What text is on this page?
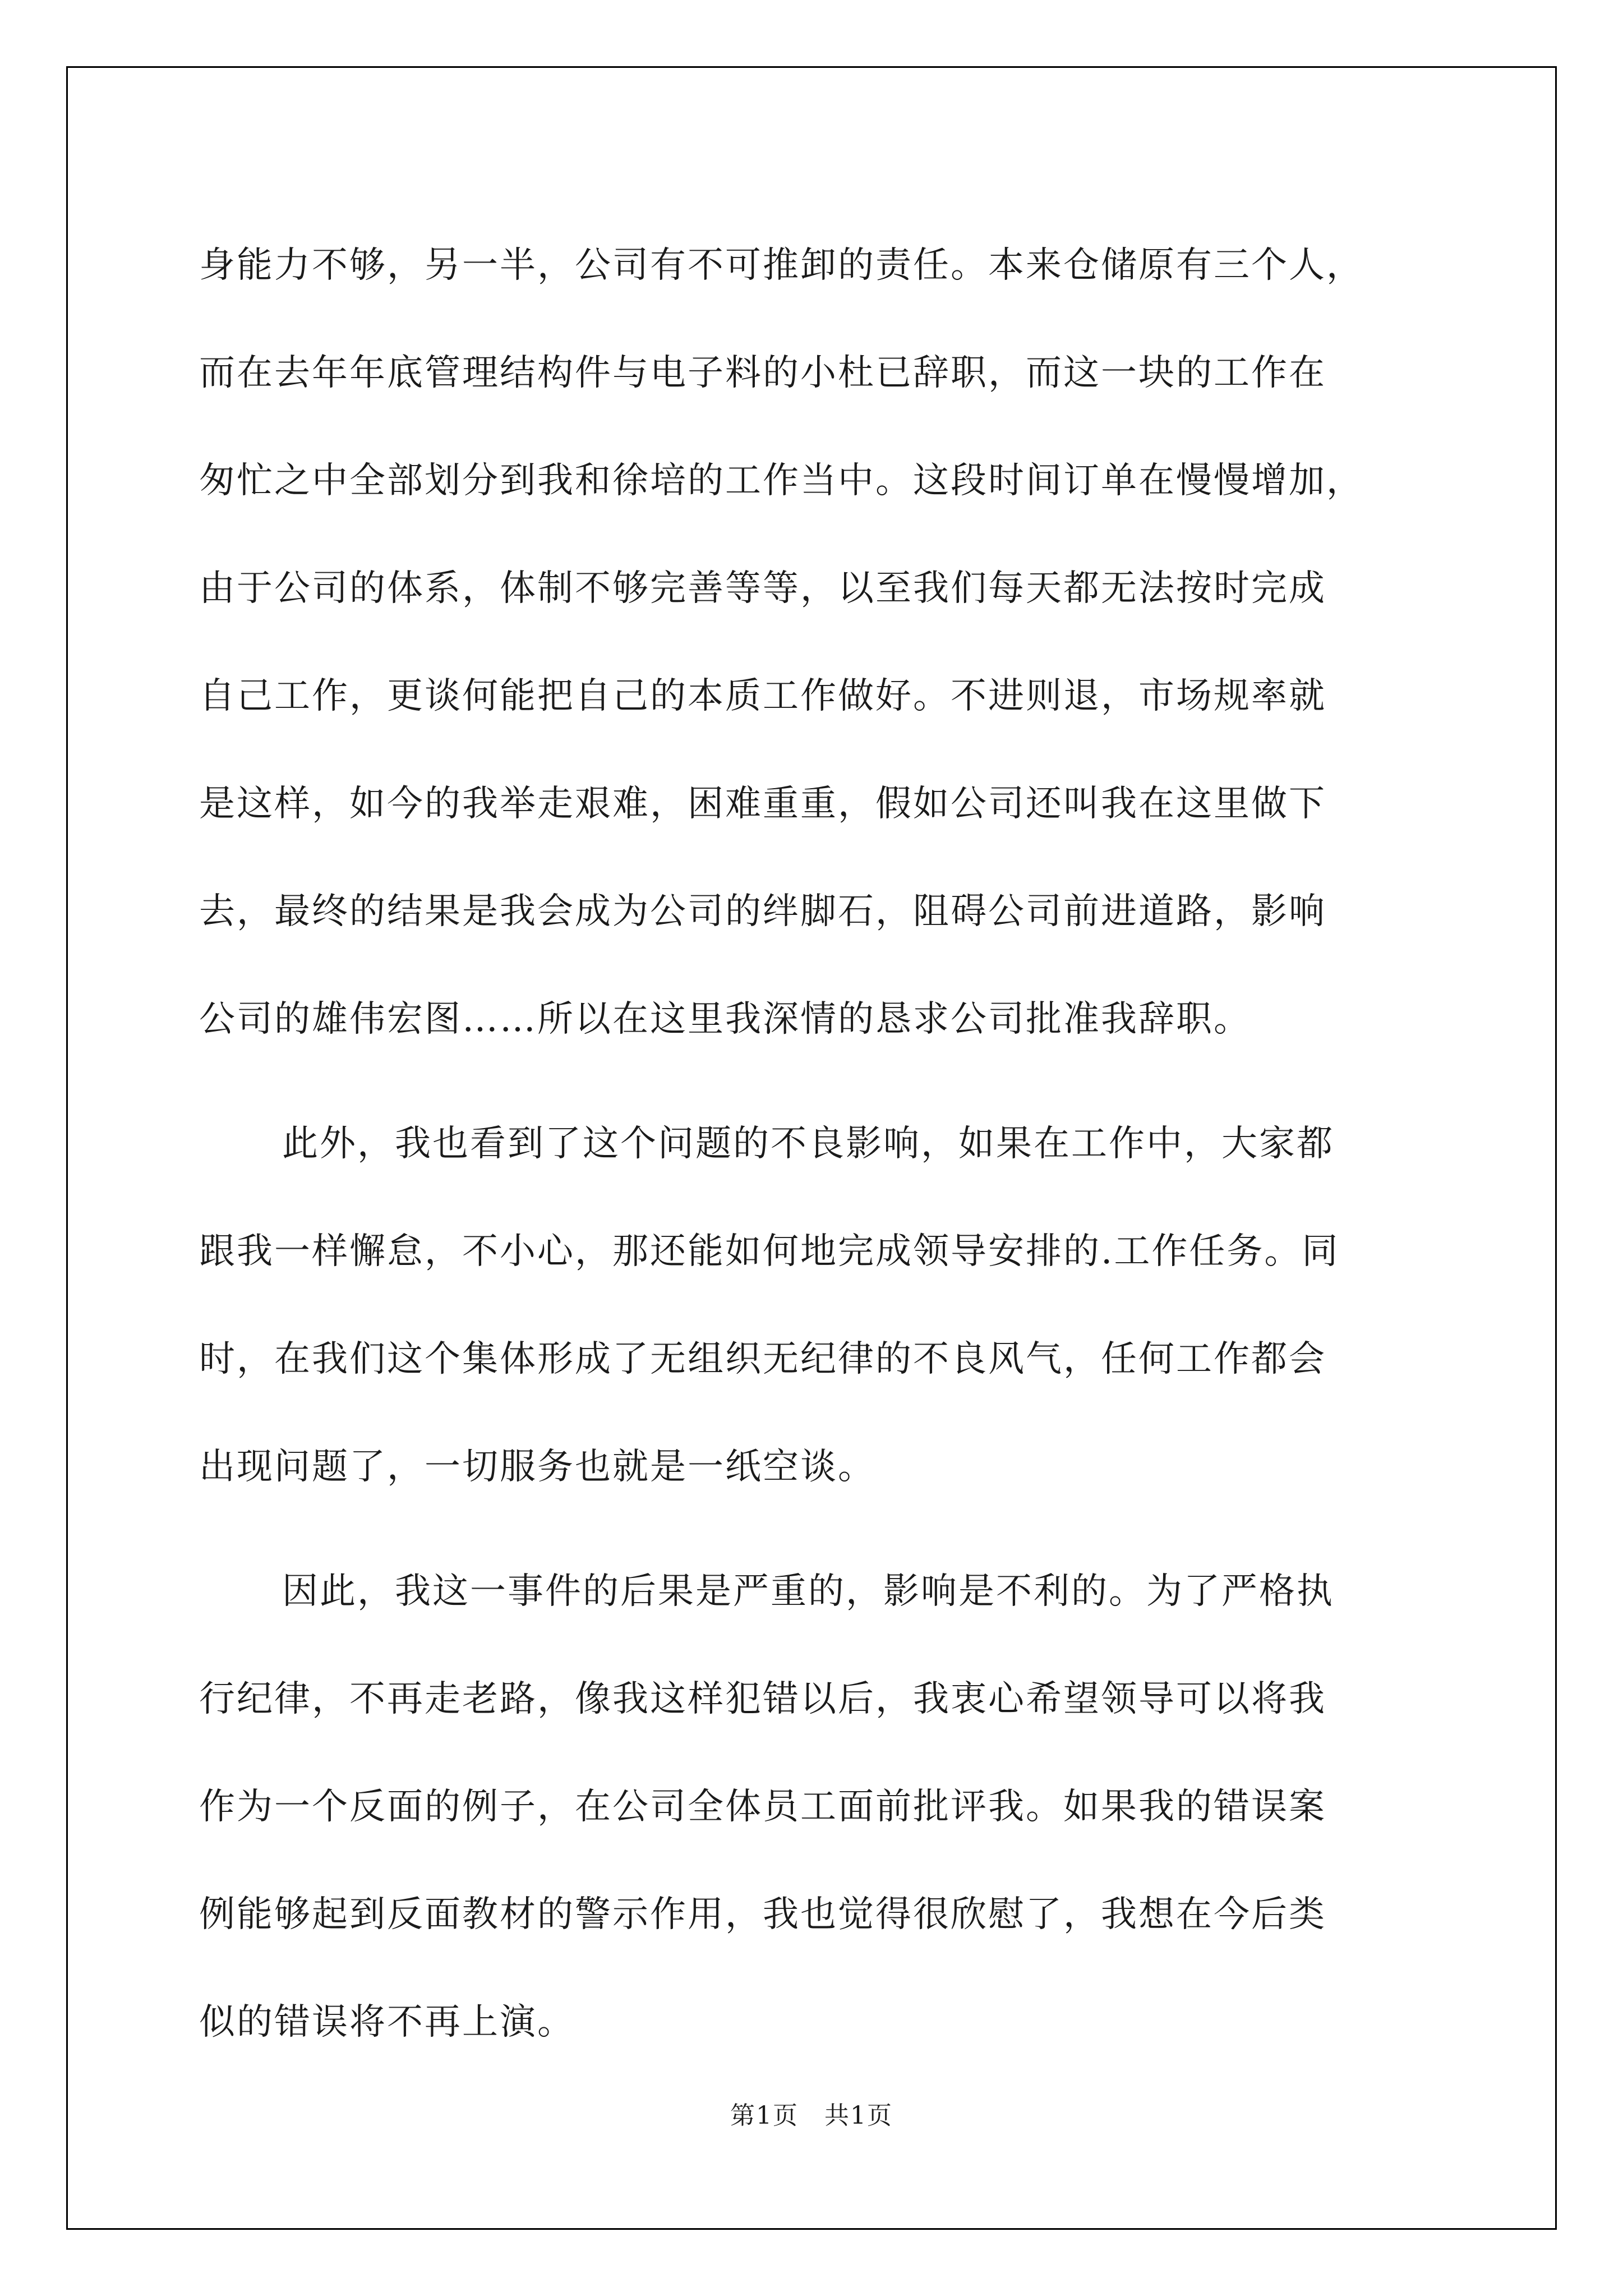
身能力不够，另一半，公司有不可推卸的责任。本来仓储原有三个人，
而在去年年底管理结构件与电子料的小杜已辞职，而这一块的工作在
匆忙之中全部划分到我和徐培的工作当中。这段时间订单在慢慢增加，
由于公司的体系，体制不够完善等等，以至我们每天都无法按时完成
自己工作，更谈何能把自己的本质工作做好。不进则退，市场规率就
是这样，如今的我举走艰难，困难重重，假如公司还叫我在这里做下
去，最终的结果是我会成为公司的绊脚石，阻碍公司前进道路，影响
公司的雄伟宏图……所以在这里我深情的恳求公司批准我辞职。
此外，我也看到了这个问题的不良影响，如果在工作中，大家都
跟我一样懈怠，不小心，那还能如何地完成领导安排的.工作任务。同
时，在我们这个集体形成了无组织无纪律的不良风气，任何工作都会
出现问题了，一切服务也就是一纸空谈。
因此，我这一事件的后果是严重的，影响是不利的。为了严格执
行纪律，不再走老路，像我这样犯错以后，我衷心希望领导可以将我
作为一个反面的例子，在公司全体员工面前批评我。如果我的错误案
例能够起到反面教材的警示作用，我也觉得很欣慰了，我想在今后类
似的错误将不再上演。
第1页　共1页
